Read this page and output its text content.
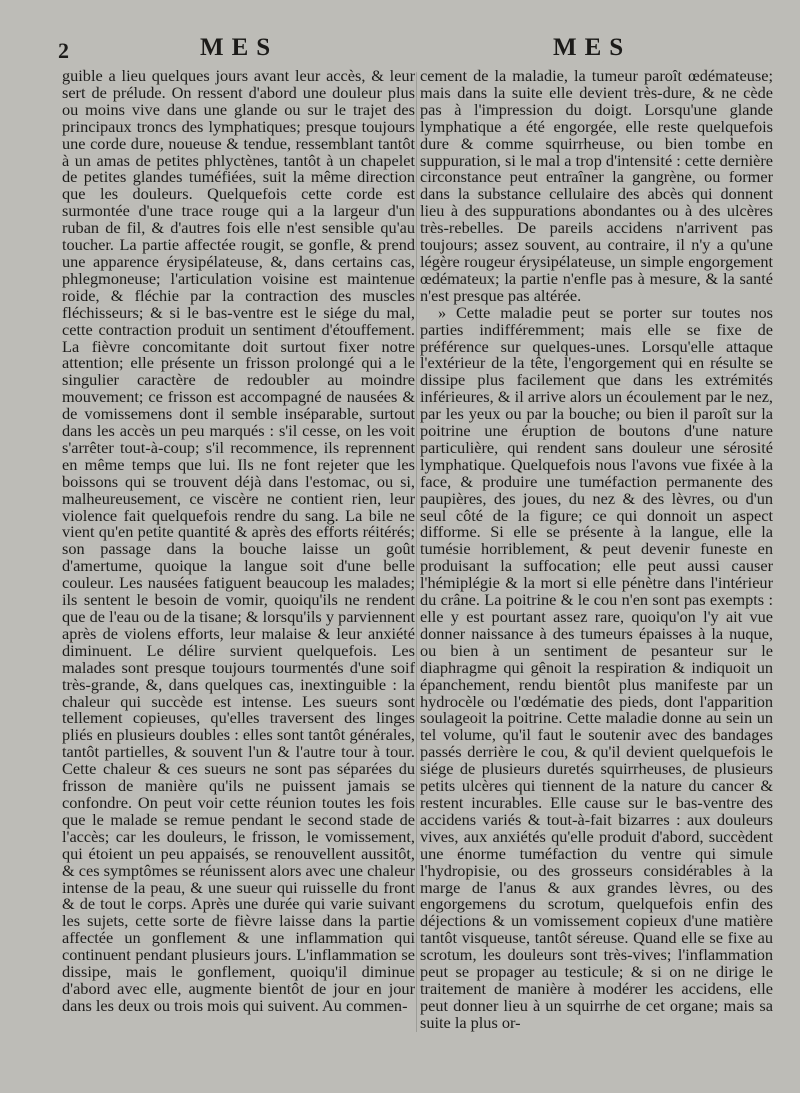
2	MES	MES

guible a lieu quelques jours avant leur accès, & leur sert de prélude. On ressent d'abord une douleur plus ou moins vive dans une glande ou sur le trajet des principaux troncs des lymphatiques; presque toujours une corde dure, noueuse & tendue, ressemblant tantôt à un amas de petites phlyctènes, tantôt à un chapelet de petites glandes tuméfiées, suit la même direction que les douleurs. Quelquefois cette corde est surmontée d'une trace rouge qui a la largeur d'un ruban de fil, & d'autres fois elle n'est sensible qu'au toucher. La partie affectée rougit, se gonfle, & prend une apparence érysipélateuse, &, dans certains cas, phlegmoneuse; l'articulation voisine est maintenue roide, & fléchie par la contraction des muscles fléchisseurs; & si le bas-ventre est le siége du mal, cette contraction produit un sentiment d'étouffement. La fièvre concomitante doit surtout fixer notre attention; elle présente un frisson prolongé qui a le singulier caractère de redoubler au moindre mouvement; ce frisson est accompagné de nausées & de vomissemens dont il semble inséparable, surtout dans les accès un peu marqués : s'il cesse, on les voit s'arrêter tout-à-coup; s'il recommence, ils reprennent en même temps que lui. Ils ne font rejeter que les boissons qui se trouvent déjà dans l'estomac, ou si, malheureusement, ce viscère ne contient rien, leur violence fait quelquefois rendre du sang. La bile ne vient qu'en petite quantité & après des efforts réitérés; son passage dans la bouche laisse un goût d'amertume, quoique la langue soit d'une belle couleur. Les nausées fatiguent beaucoup les malades; ils sentent le besoin de vomir, quoiqu'ils ne rendent que de l'eau ou de la tisane; & lorsqu'ils y parviennent après de violens efforts, leur malaise & leur anxiété diminuent. Le délire survient quelquefois. Les malades sont presque toujours tourmentés d'une soif très-grande, &, dans quelques cas, inextinguible : la chaleur qui succède est intense. Les sueurs sont tellement copieuses, qu'elles traversent des linges pliés en plusieurs doubles : elles sont tantôt générales, tantôt partielles, & souvent l'un & l'autre tour à tour. Cette chaleur & ces sueurs ne sont pas séparées du frisson de manière qu'ils ne puissent jamais se confondre. On peut voir cette réunion toutes les fois que le malade se remue pendant le second stade de l'accès; car les douleurs, le frisson, le vomissement, qui étoient un peu appaisés, se renouvellent aussitôt, & ces symptômes se réunissent alors avec une chaleur intense de la peau, & une sueur qui ruisselle du front & de tout le corps. Après une durée qui varie suivant les sujets, cette sorte de fièvre laisse dans la partie affectée un gonflement & une inflammation qui continuent pendant plusieurs jours. L'inflammation se dissipe, mais le gonflement, quoiqu'il diminue d'abord avec elle, augmente bientôt de jour en jour dans les deux ou trois mois qui suivent. Au commen-

cement de la maladie, la tumeur paroît œdémateuse; mais dans la suite elle devient très-dure, & ne cède pas à l'impression du doigt. Lorsqu'une glande lymphatique a été engorgée, elle reste quelquefois dure & comme squirrheuse, ou bien tombe en suppuration, si le mal a trop d'intensité : cette dernière circonstance peut entraîner la gangrène, ou former dans la substance cellulaire des abcès qui donnent lieu à des suppurations abondantes ou à des ulcères très-rebelles. De pareils accidens n'arrivent pas toujours; assez souvent, au contraire, il n'y a qu'une légère rougeur érysipélateuse, un simple engorgement œdémateux; la partie n'enfle pas à mesure, & la santé n'est presque pas altérée.

» Cette maladie peut se porter sur toutes nos parties indifféremment; mais elle se fixe de préférence sur quelques-unes. Lorsqu'elle attaque l'extérieur de la tête, l'engorgement qui en résulte se dissipe plus facilement que dans les extrémités inférieures, & il arrive alors un écoulement par le nez, par les yeux ou par la bouche; ou bien il paroît sur la poitrine une éruption de boutons d'une nature particulière, qui rendent sans douleur une sérosité lymphatique. Quelquefois nous l'avons vue fixée à la face, & produire une tuméfaction permanente des paupières, des joues, du nez & des lèvres, ou d'un seul côté de la figure; ce qui donnoit un aspect difforme. Si elle se présente à la langue, elle la tumésie horriblement, & peut devenir funeste en produisant la suffocation; elle peut aussi causer l'hémiplégie & la mort si elle pénètre dans l'intérieur du crâne. La poitrine & le cou n'en sont pas exempts : elle y est pourtant assez rare, quoiqu'on l'y ait vue donner naissance à des tumeurs épaisses à la nuque, ou bien à un sentiment de pesanteur sur le diaphragme qui gênoit la respiration & indiquoit un épanchement, rendu bientôt plus manifeste par un hydrocèle ou l'œdématie des pieds, dont l'apparition soulageoit la poitrine. Cette maladie donne au sein un tel volume, qu'il faut le soutenir avec des bandages passés derrière le cou, & qu'il devient quelquefois le siége de plusieurs duretés squirrheuses, de plusieurs petits ulcères qui tiennent de la nature du cancer & restent incurables. Elle cause sur le bas-ventre des accidens variés & tout-à-fait bizarres : aux douleurs vives, aux anxiétés qu'elle produit d'abord, succèdent une énorme tuméfaction du ventre qui simule l'hydropisie, ou des grosseurs considérables à la marge de l'anus & aux grandes lèvres, ou des engorgemens du scrotum, quelquefois enfin des déjections & un vomissement copieux d'une matière tantôt visqueuse, tantôt séreuse. Quand elle se fixe au scrotum, les douleurs sont très-vives; l'inflammation peut se propager au testicule; & si on ne dirige le traitement de manière à modérer les accidens, elle peut donner lieu à un squirrhe de cet organe; mais sa suite la plus or-
